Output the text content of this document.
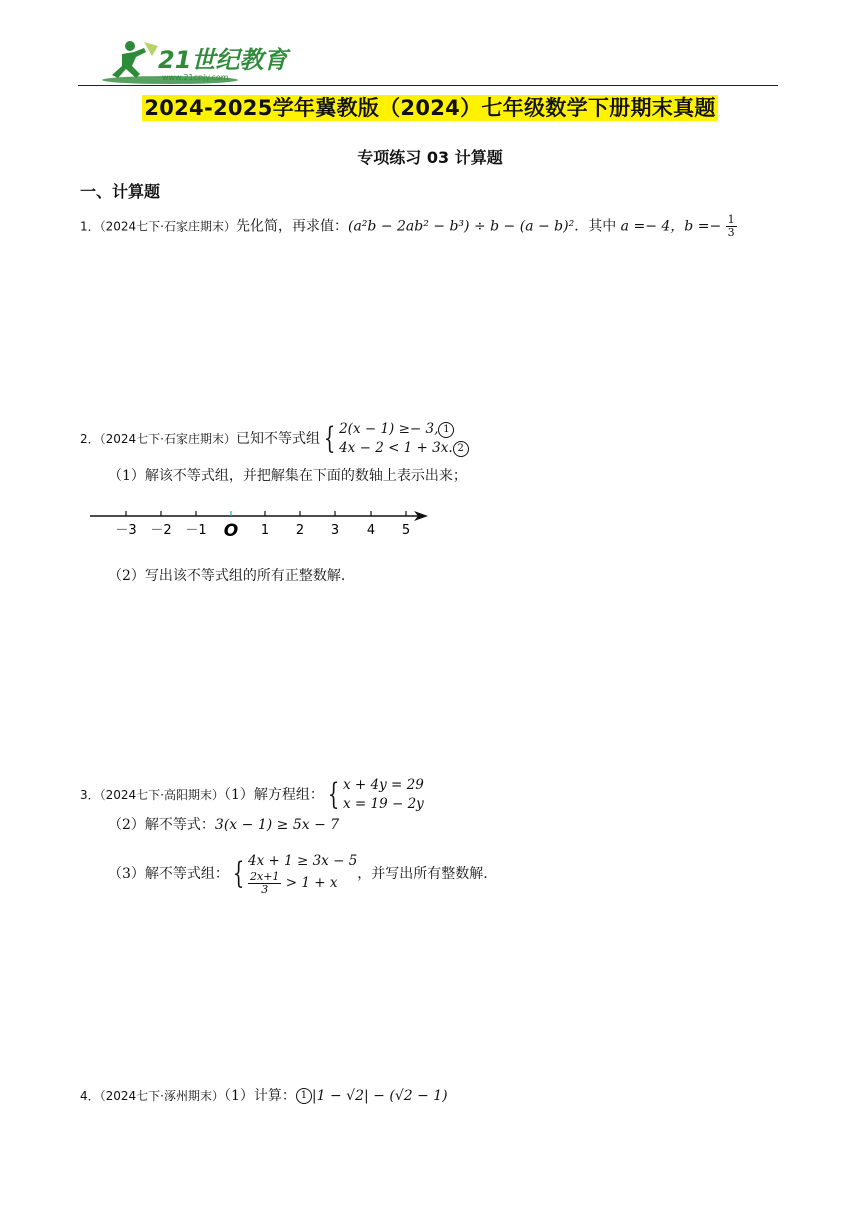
21世纪教育
www.21cnjy.com
2024-2025学年冀教版（2024）七年级数学下册期末真题
专项练习 03 计算题
一、计算题
1．（2024七下·石家庄期末）先化简，再求值：(a²b − 2ab² − b³) ÷ b − (a − b)²．其中 a =− 4，$b =- \frac{1}{3}$
2．（2024七下·石家庄期末）已知不等式组 { 2(x − 1) ≥− 3, 1
4x − 2 < 1 + 3x. 2
（1）解该不等式组，并把解集在下面的数轴上表示出来；
－3 －2 －1 O 1 2 3 4 5
（2）写出该不等式组的所有正整数解.
3．（2024七下·高阳期末）（1）解方程组： { x + 4y = 29
x = 19 − 2y
（2）解不等式：3(x − 1) ≥ 5x − 7
（3）解不等式组： { 4x + 1 ≥ 3x − 5
$\frac{2x+1}{3} > 1 + x$
，并写出所有整数解.
4．（2024七下·涿州期末）（1）计算： 1 |1 − √2| − (√2 − 1)
